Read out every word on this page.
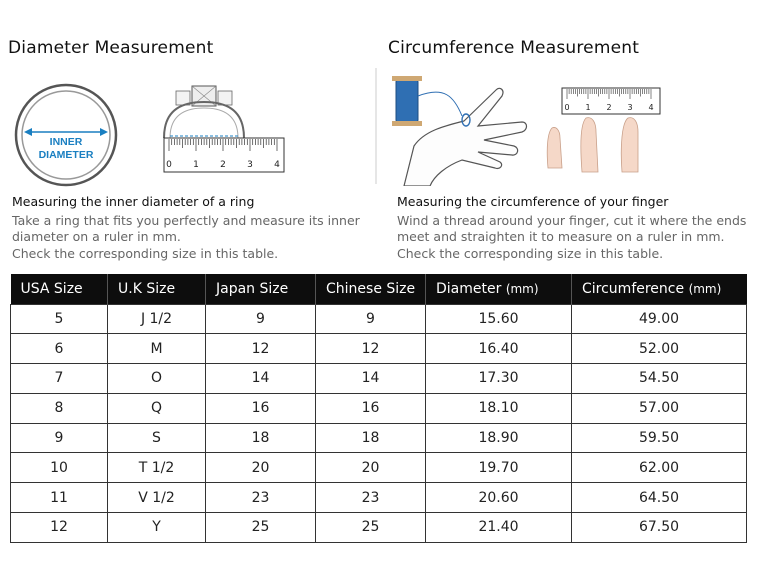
Diameter Measurement	Circumference Measurement
INNER
DIAMETER
0 1 2 3 4
0 1 2 3 4
Measuring the inner diameter of a ring
Take a ring that fits you perfectly and measure its inner diameter on a ruler in mm.
Check the corresponding size in this table.
Measuring the circumference of your finger
Wind a thread around your finger, cut it where the ends meet and straighten it to measure on a ruler in mm.
Check the corresponding size in this table.
USA Size	U.K Size	Japan Size	Chinese Size	Diameter (mm)	Circumference (mm)
5	J 1/2	9	9	15.60	49.00
6	M	12	12	16.40	52.00
7	O	14	14	17.30	54.50
8	Q	16	16	18.10	57.00
9	S	18	18	18.90	59.50
10	T 1/2	20	20	19.70	62.00
11	V 1/2	23	23	20.60	64.50
12	Y	25	25	21.40	67.50
